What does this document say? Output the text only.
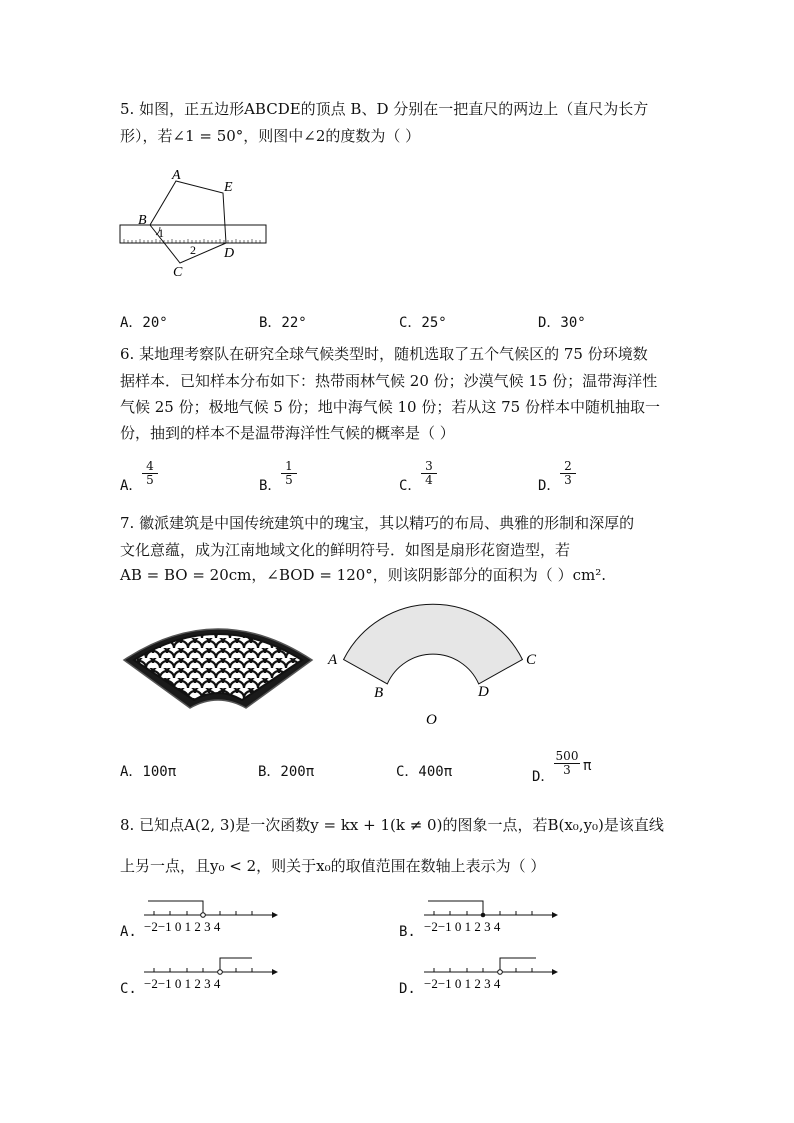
5. 如图，正五边形ABCDE的顶点 B、D 分别在一把直尺的两边上（直尺为长方
形），若∠1 = 50°，则图中∠2的度数为（ ）
A
E
B
1
2 D
C
A．20°	B．22°	C．25°	D．30°
6. 某地理考察队在研究全球气候类型时，随机选取了五个气候区的 75 份环境数
据样本．已知样本分布如下：热带雨林气候 20 份；沙漠气候 15 份；温带海洋性
气候 25 份；极地气候 5 份；地中海气候 10 份；若从这 75 份样本中随机抽取一
份，抽到的样本不是温带海洋性气候的概率是（ ）
A． $\frac{4}{5}$	B． $\frac{1}{5}$	C． $\frac{3}{4}$	D． $\frac{2}{3}$
7. 徽派建筑是中国传统建筑中的瑰宝，其以精巧的布局、典雅的形制和深厚的
文化意蕴，成为江南地域文化的鲜明符号．如图是扇形花窗造型，若
AB = BO = 20cm，∠BOD = 120°，则该阴影部分的面积为（ ）cm².
A	C
B	D
O
A．100π	B．200π	C．400π	D． $\frac{500}{3}$ π
8. 已知点A(2, 3)是一次函数y = kx + 1(k ≠ 0)的图象一点，若B(x₀,y₀)是该直线
上另一点，且y₀ < 2，则关于x₀的取值范围在数轴上表示为（ ）
−2−1 0 1 2 3 4
A.	−2−1 0 1 2 3 4
B.
−2−1 0 1 2 3 4
C.	−2−1 0 1 2 3 4
D.
